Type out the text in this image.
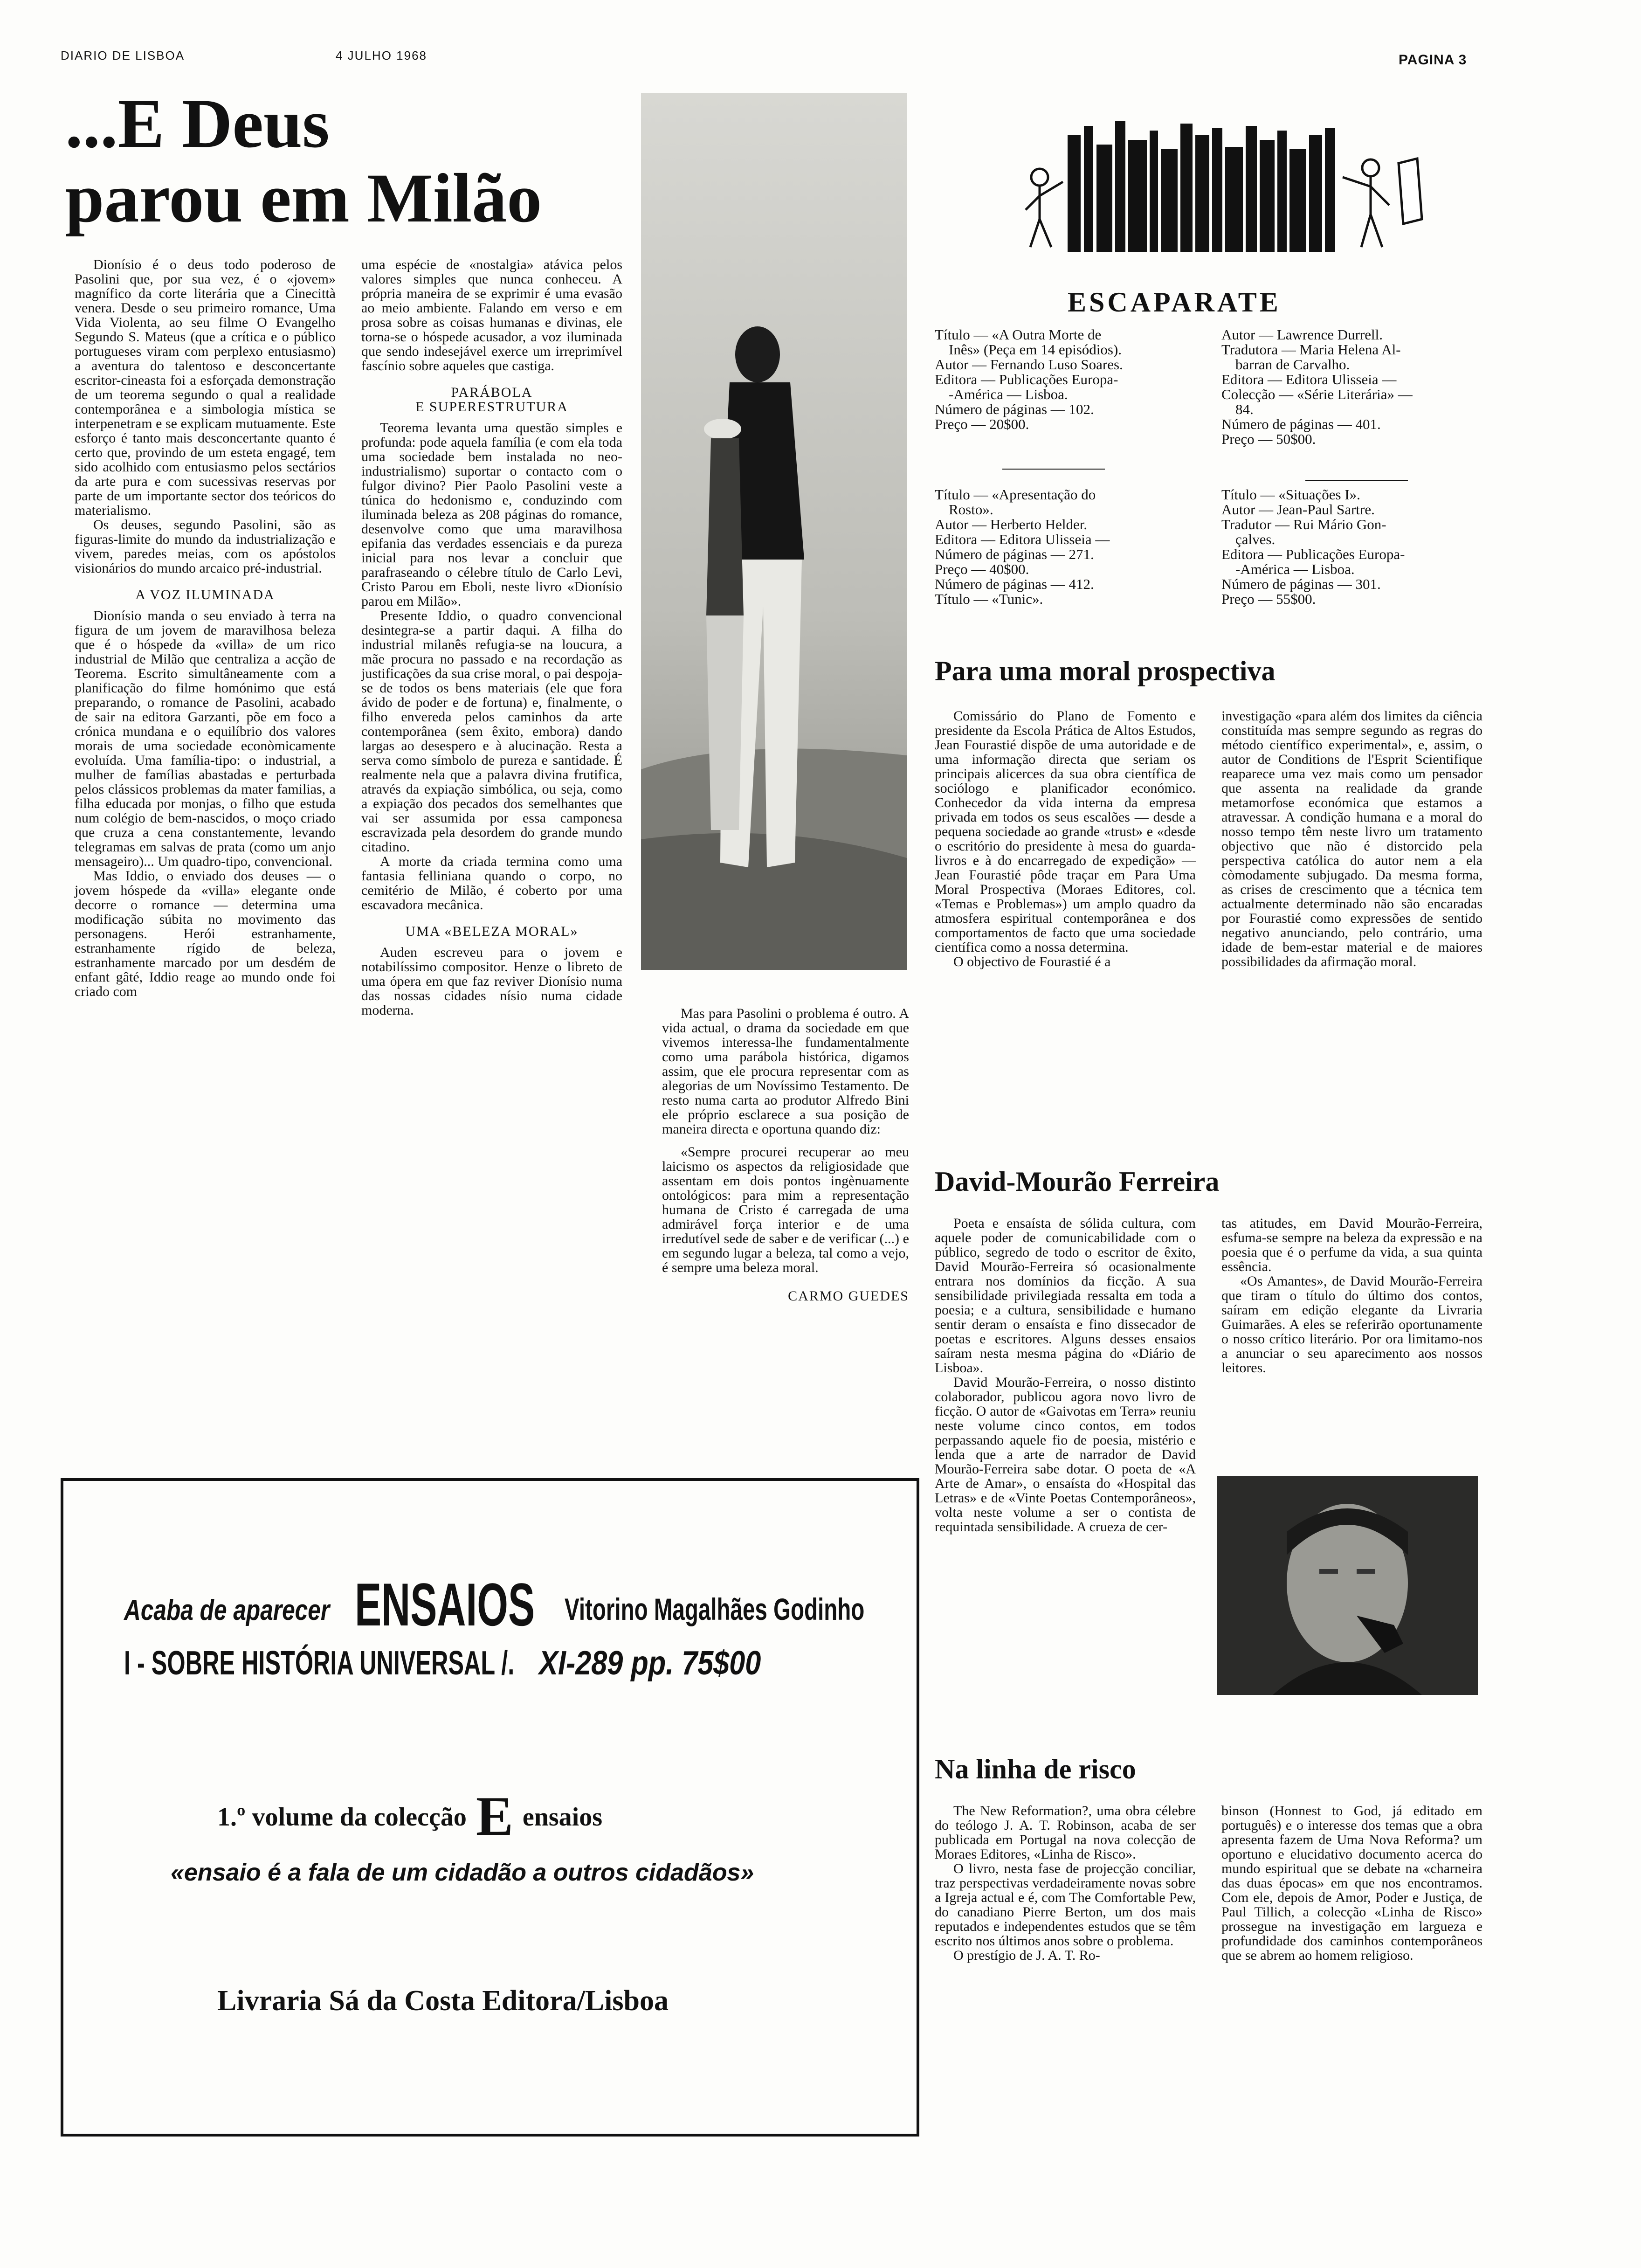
DIARIO DE LISBOA	4 JULHO 1968	PAGINA 3
...E Deus
parou em Milão

Dionísio é o deus todo poderoso de Pasolini que, por sua vez, é o «jovem» magnífico da corte literária que a Cinecittà venera. Desde o seu primeiro romance, Uma Vida Violenta, ao seu filme O Evangelho Segundo S. Mateus (que a crítica e o público portugueses viram com perplexo entusiasmo) a aventura do talentoso e desconcertante escritor-cineasta foi a esforçada demonstração de um teorema segundo o qual a realidade contemporânea e a simbologia mística se interpenetram e se explicam mutuamente. Este esforço é tanto mais desconcertante quanto é certo que, provindo de um esteta engagé, tem sido acolhido com entusiasmo pelos sectários da arte pura e com sucessivas reservas por parte de um importante sector dos teóricos do materialismo.

Os deuses, segundo Pasolini, são as figuras-limite do mundo da industrialização e vivem, paredes meias, com os apóstolos visionários do mundo arcaico pré-industrial.

A VOZ ILUMINADA

Dionísio manda o seu enviado à terra na figura de um jovem de maravilhosa beleza que é o hóspede da «villa» de um rico industrial de Milão que centraliza a acção de Teorema. Escrito simultâneamente com a planificação do filme homónimo que está preparando, o romance de Pasolini, acabado de sair na editora Garzanti, põe em foco a crónica mundana e o equilíbrio dos valores morais de uma sociedade econòmicamente evoluída. Uma família-tipo: o industrial, a mulher de famílias abastadas e perturbada pelos clássicos problemas da mater familias, a filha educada por monjas, o filho que estuda num colégio de bem-nascidos, o moço criado que cruza a cena constantemente, levando telegramas em salvas de prata (como um anjo mensageiro)... Um quadro-tipo, convencional.

Mas Iddio, o enviado dos deuses — o jovem hóspede da «villa» elegante onde decorre o romance — determina uma modificação súbita no movimento das personagens. Herói estranhamente, estranhamente rígido de beleza, estranhamente marcado por um desdém de enfant gâté, Iddio reage ao mundo onde foi criado com

uma espécie de «nostalgia» atávica pelos valores simples que nunca conheceu. A própria maneira de se exprimir é uma evasão ao meio ambiente. Falando em verso e em prosa sobre as coisas humanas e divinas, ele torna-se o hóspede acusador, a voz iluminada que sendo indesejável exerce um irreprimível fascínio sobre aqueles que castiga.

PARÁBOLA
E SUPERESTRUTURA

Teorema levanta uma questão simples e profunda: pode aquela família (e com ela toda uma sociedade bem instalada no neo-industrialismo) suportar o contacto com o fulgor divino? Pier Paolo Pasolini veste a túnica do hedonismo e, conduzindo com iluminada beleza as 208 páginas do romance, desenvolve como que uma maravilhosa epifania das verdades essenciais e da pureza inicial para nos levar a concluir que parafraseando o célebre título de Carlo Levi, Cristo Parou em Eboli, neste livro «Dionísio parou em Milão».

Presente Iddio, o quadro convencional desintegra-se a partir daqui. A filha do industrial milanês refugia-se na loucura, a mãe procura no passado e na recordação as justificações da sua crise moral, o pai despoja-se de todos os bens materiais (ele que fora ávido de poder e de fortuna) e, finalmente, o filho envereda pelos caminhos da arte contemporânea (sem êxito, embora) dando largas ao desespero e à alucinação. Resta a serva como símbolo de pureza e santidade. É realmente nela que a palavra divina frutifica, através da expiação simbólica, ou seja, como a expiação dos pecados dos semelhantes que vai ser assumida por essa camponesa escravizada pela desordem do grande mundo citadino.

A morte da criada termina como uma fantasia felliniana quando o corpo, no cemitério de Milão, é coberto por uma escavadora mecânica.

UMA «BELEZA MORAL»

Auden escreveu para o jovem e notabilíssimo compositor. Henze o libreto de uma ópera em que faz reviver Dionísio numa das nossas cidades nísio numa cidade moderna.	Mas para Pasolini o problema é outro. A vida actual, o drama da sociedade em que vivemos interessa-lhe fundamentalmente como uma parábola histórica, digamos assim, que ele procura representar com as alegorias de um Novíssimo Testamento. De resto numa carta ao produtor Alfredo Bini ele próprio esclarece a sua posição de maneira directa e oportuna quando diz:

«Sempre procurei recuperar ao meu laicismo os aspectos da religiosidade que assentam em dois pontos ingènuamente ontológicos: para mim a representação humana de Cristo é carregada de uma admirável força interior e de uma irredutível sede de saber e de verificar (...) e em segundo lugar a beleza, tal como a vejo, é sempre uma beleza moral.

CARMO GUEDES
ESCAPARATE
Título — «A Outra Morte de
Inês» (Peça em 14 episódios).
Autor — Fernando Luso Soares.
Editora — Publicações Europa-
-América — Lisboa.
Número de páginas — 102.
Preço — 20$00.
Autor — Lawrence Durrell.
Tradutora — Maria Helena Al-
barran de Carvalho.
Editora — Editora Ulisseia —
Colecção — «Série Literária» —
84.
Número de páginas — 401.
Preço — 50$00.
Título — «Apresentação do
Rosto».
Autor — Herberto Helder.
Editora — Editora Ulisseia —
Número de páginas — 271.
Preço — 40$00.
Número de páginas — 412.
Título — «Tunic».
Título — «Situações I».
Autor — Jean-Paul Sartre.
Tradutor — Rui Mário Gon-
çalves.
Editora — Publicações Europa-
-América — Lisboa.
Número de páginas — 301.
Preço — 55$00.
Para uma moral prospectiva

Comissário do Plano de Fomento e presidente da Escola Prática de Altos Estudos, Jean Fourastié dispõe de uma autoridade e de uma informação directa que seriam os principais alicerces da sua obra científica de sociólogo e planificador económico. Conhecedor da vida interna da empresa privada em todos os seus escalões — desde a pequena sociedade ao grande «trust» e «desde o escritório do presidente à mesa do guarda-livros e à do encarregado de expedição» — Jean Fourastié pôde traçar em Para Uma Moral Prospectiva (Moraes Editores, col. «Temas e Problemas») um amplo quadro da atmosfera espiritual contemporânea e dos comportamentos de facto que uma sociedade científica como a nossa determina.

O objectivo de Fourastié é a

investigação «para além dos limites da ciência constituída mas sempre segundo as regras do método científico experimental», e, assim, o autor de Conditions de l'Esprit Scientifique reaparece uma vez mais como um pensador que assenta na realidade da grande metamorfose económica que estamos a atravessar. A condição humana e a moral do nosso tempo têm neste livro um tratamento objectivo que não é distorcido pela perspectiva católica do autor nem a ela còmodamente subjugado. Da mesma forma, as crises de crescimento que a técnica tem actualmente determinado não são encaradas por Fourastié como expressões de sentido negativo anunciando, pelo contrário, uma idade de bem-estar material e de maiores possibilidades da afirmação moral.

David-Mourão Ferreira

Poeta e ensaísta de sólida cultura, com aquele poder de comunicabilidade com o público, segredo de todo o escritor de êxito, David Mourão-Ferreira só ocasionalmente entrara nos domínios da ficção. A sua sensibilidade privilegiada ressalta em toda a poesia; e a cultura, sensibilidade e humano sentir deram o ensaísta e fino dissecador de poetas e escritores. Alguns desses ensaios saíram nesta mesma página do «Diário de Lisboa».

David Mourão-Ferreira, o nosso distinto colaborador, publicou agora novo livro de ficção. O autor de «Gaivotas em Terra» reuniu neste volume cinco contos, em todos perpassando aquele fio de poesia, mistério e lenda que a arte de narrador de David Mourão-Ferreira sabe dotar. O poeta de «A Arte de Amar», o ensaísta do «Hospital das Letras» e de «Vinte Poetas Contemporâneos», volta neste volume a ser o contista de requintada sensibilidade. A crueza de cer-

tas atitudes, em David Mourão-Ferreira, esfuma-se sempre na beleza da expressão e na poesia que é o perfume da vida, a sua quinta essência.

«Os Amantes», de David Mourão-Ferreira que tiram o título do último dos contos, saíram em edição elegante da Livraria Guimarães. A eles se referirão oportunamente o nosso crítico literário. Por ora limitamo-nos a anunciar o seu aparecimento aos nossos leitores.

Na linha de risco

The New Reformation?, uma obra célebre do teólogo J. A. T. Robinson, acaba de ser publicada em Portugal na nova colecção de Moraes Editores, «Linha de Risco».

O livro, nesta fase de projecção conciliar, traz perspectivas verdadeiramente novas sobre a Igreja actual e é, com The Comfortable Pew, do canadiano Pierre Berton, um dos mais reputados e independentes estudos que se têm escrito nos últimos anos sobre o problema.

O prestígio de J. A. T. Ro-

binson (Honnest to God, já editado em português) e o interesse dos temas que a obra apresenta fazem de Uma Nova Reforma? um oportuno e elucidativo documento acerca do mundo espiritual que se debate na «charneira das duas épocas» em que nos encontramos. Com ele, depois de Amor, Poder e Justiça, de Paul Tillich, a colecção «Linha de Risco» prossegue na investigação em largueza e profundidade dos caminhos contemporâneos que se abrem ao homem religioso.

Acaba de aparecer ENSAIOS Vitorino Magalhães Godinho
I - SOBRE HISTÓRIA UNIVERSAL /. XI-289 pp. 75$00
1.º volume da colecção E ensaios
«ensaio é a fala de um cidadão a outros cidadãos»
Livraria Sá da Costa Editora/Lisboa
